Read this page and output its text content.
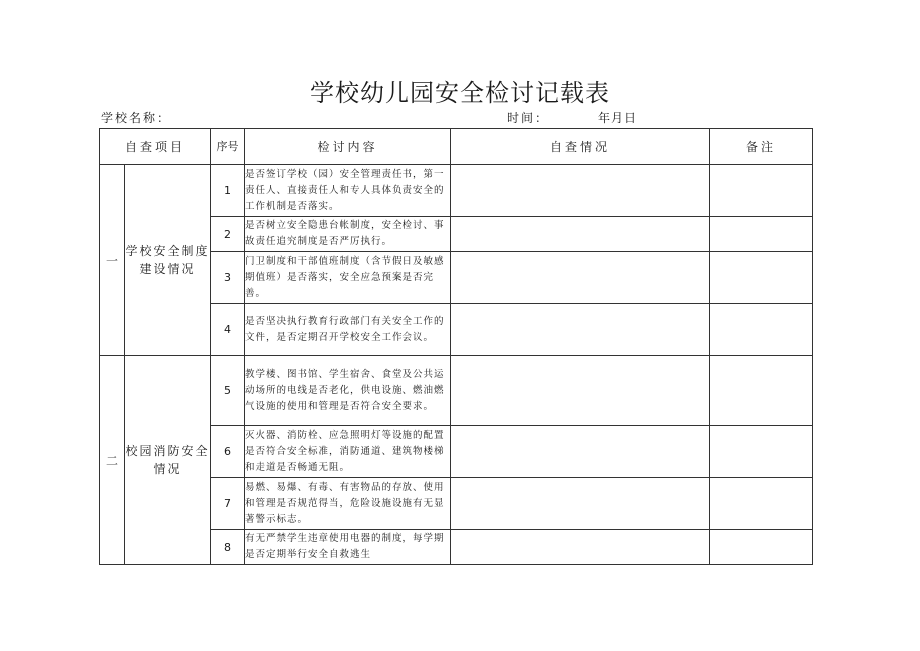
学校幼儿园安全检讨记载表
学校名称：	时间：	年月日
自查项目		序号	检讨内容	自查情况	备注
一	学校安全制度建设情况	1	是否签订学校（园）安全管理责任书，第一责任人、直接责任人和专人具体负责安全的工作机制是否落实。		
		2	是否树立安全隐患台帐制度，安全检讨、事故责任追究制度是否严厉执行。		
		3	门卫制度和干部值班制度（含节假日及敏感期值班）是否落实，安全应急预案是否完善。		
		4	是否坚决执行教育行政部门有关安全工作的文件，是否定期召开学校安全工作会议。		
二	校园消防安全情况	5	教学楼、图书馆、学生宿舍、食堂及公共运动场所的电线是否老化，供电设施、燃油燃气设施的使用和管理是否符合安全要求。		
		6	灭火器、消防栓、应急照明灯等设施的配置是否符合安全标准，消防通道、建筑物楼梯和走道是否畅通无阻。		
		7	易燃、易爆、有毒、有害物品的存放、使用和管理是否规范得当，危险设施设施有无显著警示标志。		
		8	有无严禁学生违章使用电器的制度，每学期是否定期举行安全自救逃生		
